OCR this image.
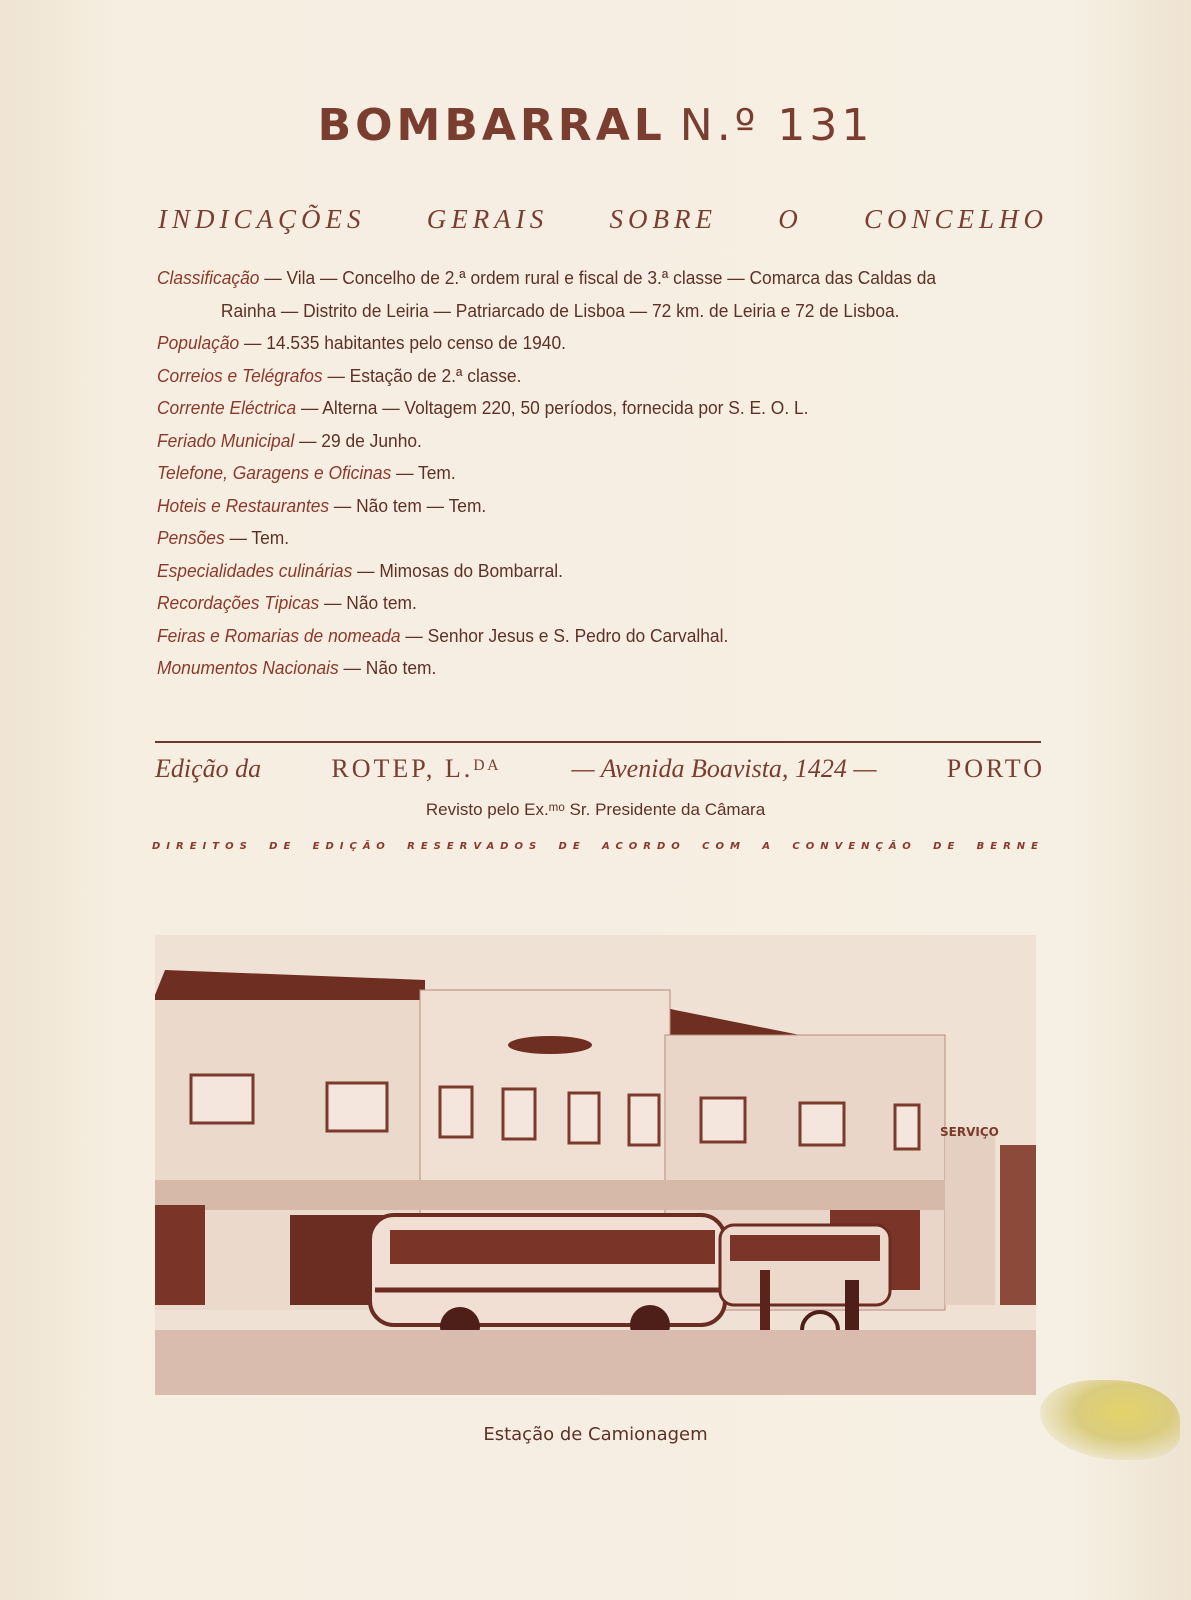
BOMBARRAL N.º 131
INDICAÇÕES GERAIS SOBRE O CONCELHO
Classificação — Vila — Concelho de 2.ª ordem rural e fiscal de 3.ª classe — Comarca das Caldas da Rainha — Distrito de Leiria — Patriarcado de Lisboa — 72 km. de Leiria e 72 de Lisboa.
População — 14.535 habitantes pelo censo de 1940.
Correios e Telégrafos — Estação de 2.ª classe.
Corrente Eléctrica — Alterna — Voltagem 220, 50 períodos, fornecida por S. E. O. L.
Feriado Municipal — 29 de Junho.
Telefone, Garagens e Oficinas — Tem.
Hoteis e Restaurantes — Não tem — Tem.
Pensões — Tem.
Especialidades culinárias — Mimosas do Bombarral.
Recordações Tipicas — Não tem.
Feiras e Romarias de nomeada — Senhor Jesus e S. Pedro do Carvalhal.
Monumentos Nacionais — Não tem.
Edição da	ROTEP, L.ᴰᴬ	— Avenida Boavista, 1424 —	PORTO
Revisto pelo Ex.ᵐᵒ Sr. Presidente da Câmara
DIREITOS DE EDIÇÃO RESERVADOS DE ACORDO COM A CONVENÇÃO DE BERNE
SERVIÇO
Estação de Camionagem
